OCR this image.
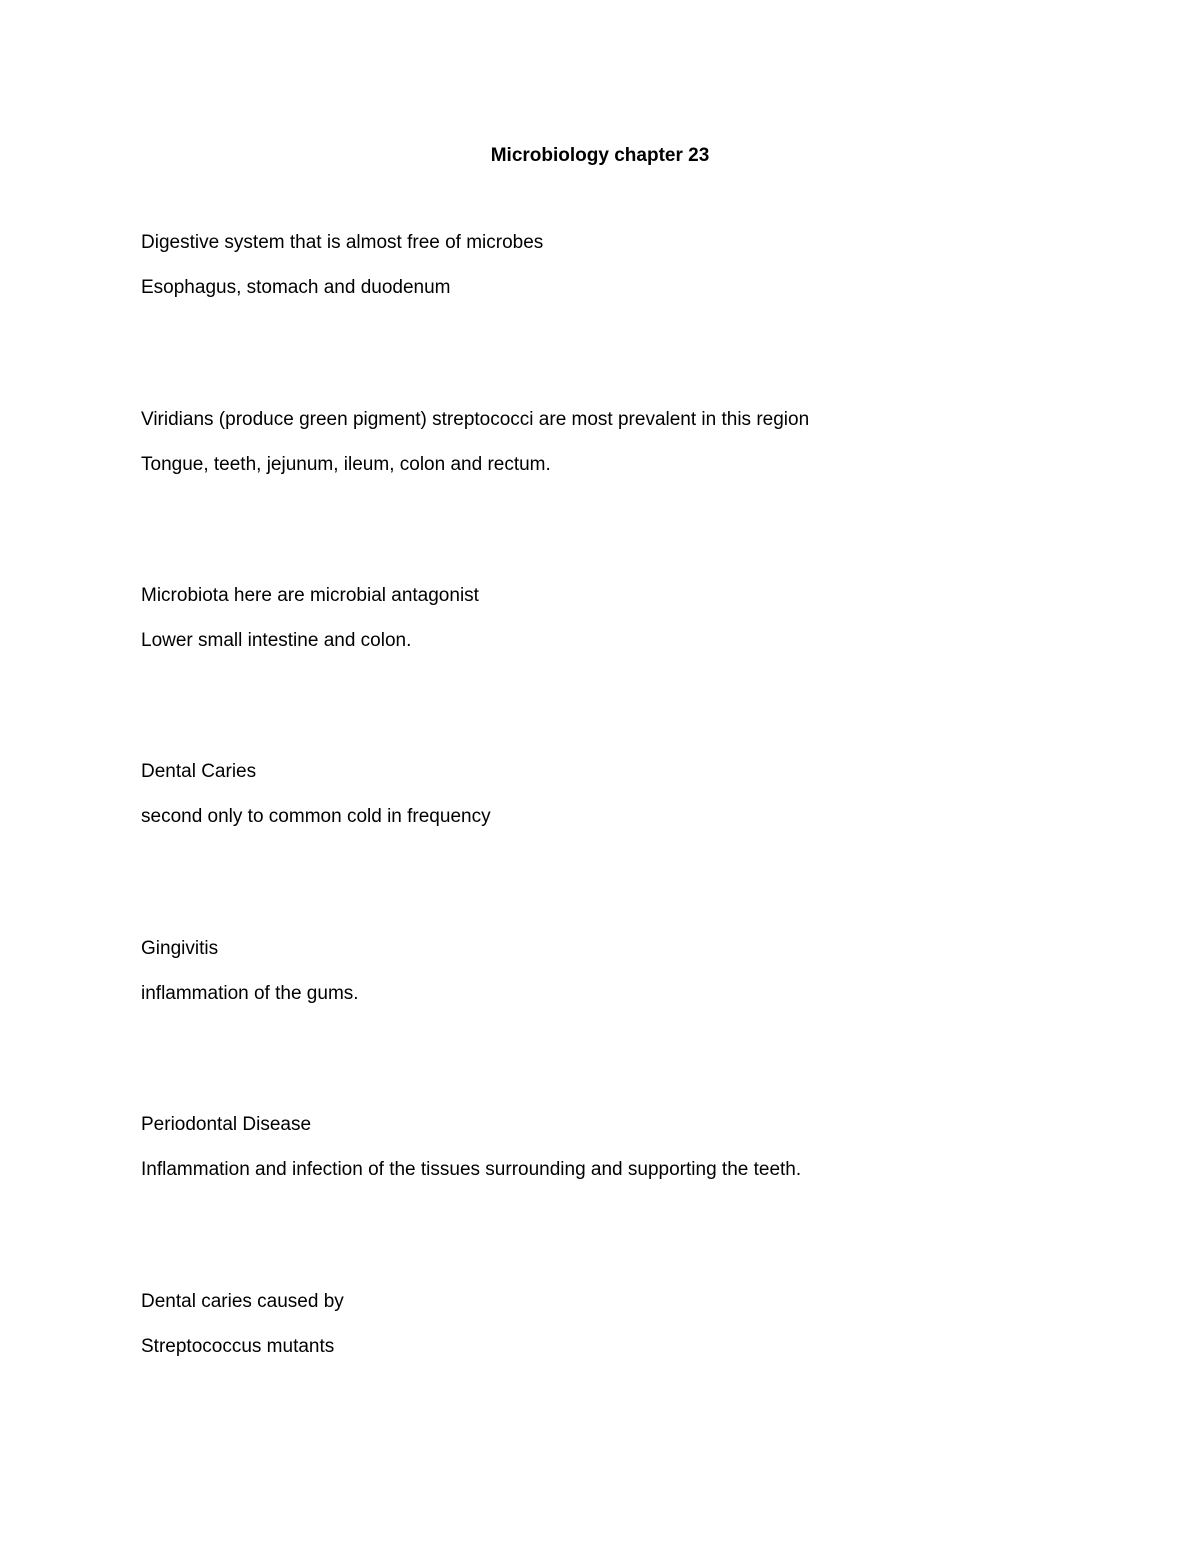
Microbiology chapter 23
Digestive system that is almost free of microbes
Esophagus, stomach and duodenum
Viridians (produce green pigment) streptococci are most prevalent in this region
Tongue, teeth, jejunum, ileum, colon and rectum.
Microbiota here are microbial antagonist
Lower small intestine and colon.
Dental Caries
second only to common cold in frequency
Gingivitis
inflammation of the gums.
Periodontal Disease
Inflammation and infection of the tissues surrounding and supporting the teeth.
Dental caries caused by
Streptococcus mutants
